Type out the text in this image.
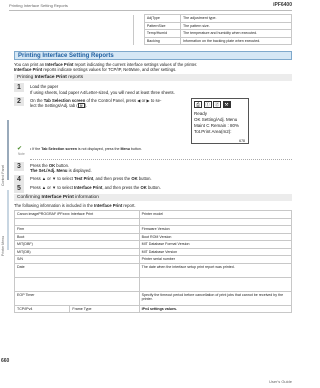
Printing Interface Setting Reports	iPF6400
Control Panel
Printer Menu
660
		AdjType	The adjustment type.
		PatternSize	The pattern size.
		Temp/Humid	The temperature and humidity when executed.
		Backing	Information on the backing plate when executed.
Printing Interface Setting Reports
You can print an Interface Print report indicating the current interface settings values of the printer.
Interface Print reports indicate settings values for TCP/IP, NetWare, and other settings.
Printing Interface Print reports
1	Load the paper
If using sheets, load paper A4/Letter-sized, you will need at least three sheets.
2	On the Tab Selection screen of the Control Panel, press ◀ or ▶ to se-
lect the Settings/Adj. tab ( ⚒ ).	⎙	Ⓘ	Ⓩ	⚒
Ready
OK Setting/Adj. Menu
Maint C Remain : 80%
Tot.Print Area(m2):
678
✔ • If the Tab Selection screen is not displayed, press the Menu button.
Note
3	Press the OK button.
The Set./Adj. Menu is displayed.
4	Press ▲ or ▼ to select Test Print, and then press the OK button.
5	Press ▲ or ▼ to select Interface Print, and then press the OK button.
Confirming Interface Print information
The following information is included in the Interface Print report.
Canon imagePROGRAF iPFxxxx Interface Print		Printer model

Firm		Firmware Version
Boot		Boot ROM Version
MIT(DBF)		MIT Database Format Version
MIT(DB)		MIT Database Version
S/N		Printer serial number
Date		The date when the interface setup print report was printed.

EOP Timer		Specify the timeout period before cancellation of print jobs that cannot be received by the printer.
TCP/IPv4	Frame Type	IPv4 settings values.
User's Guide
